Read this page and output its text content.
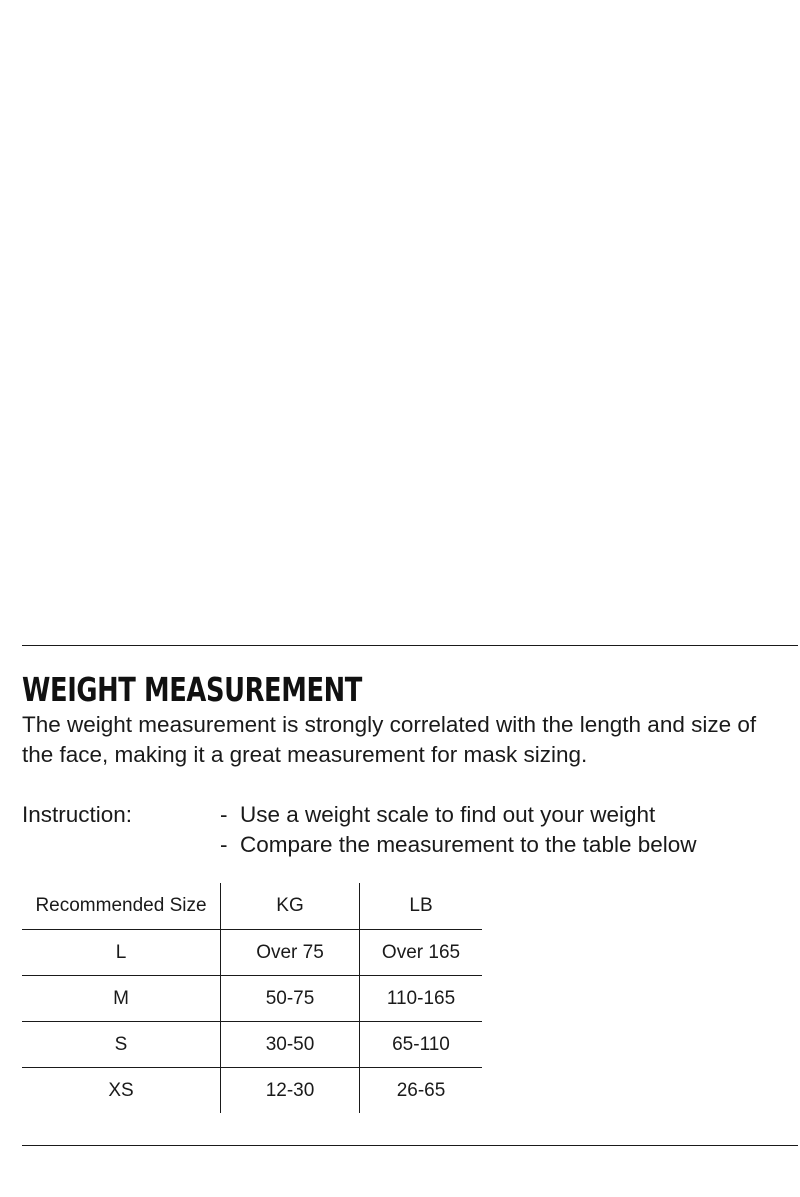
WEIGHT MEASUREMENT

The weight measurement is strongly correlated with the length and size of the face, making it a great measurement for mask sizing.

Instruction:	- Use a weight scale to find out your weight
- Compare the measurement to the table below
Recommended Size	KG	LB
L	Over 75	Over 165
M	50-75	110-165
S	30-50	65-110
XS	12-30	26-65
